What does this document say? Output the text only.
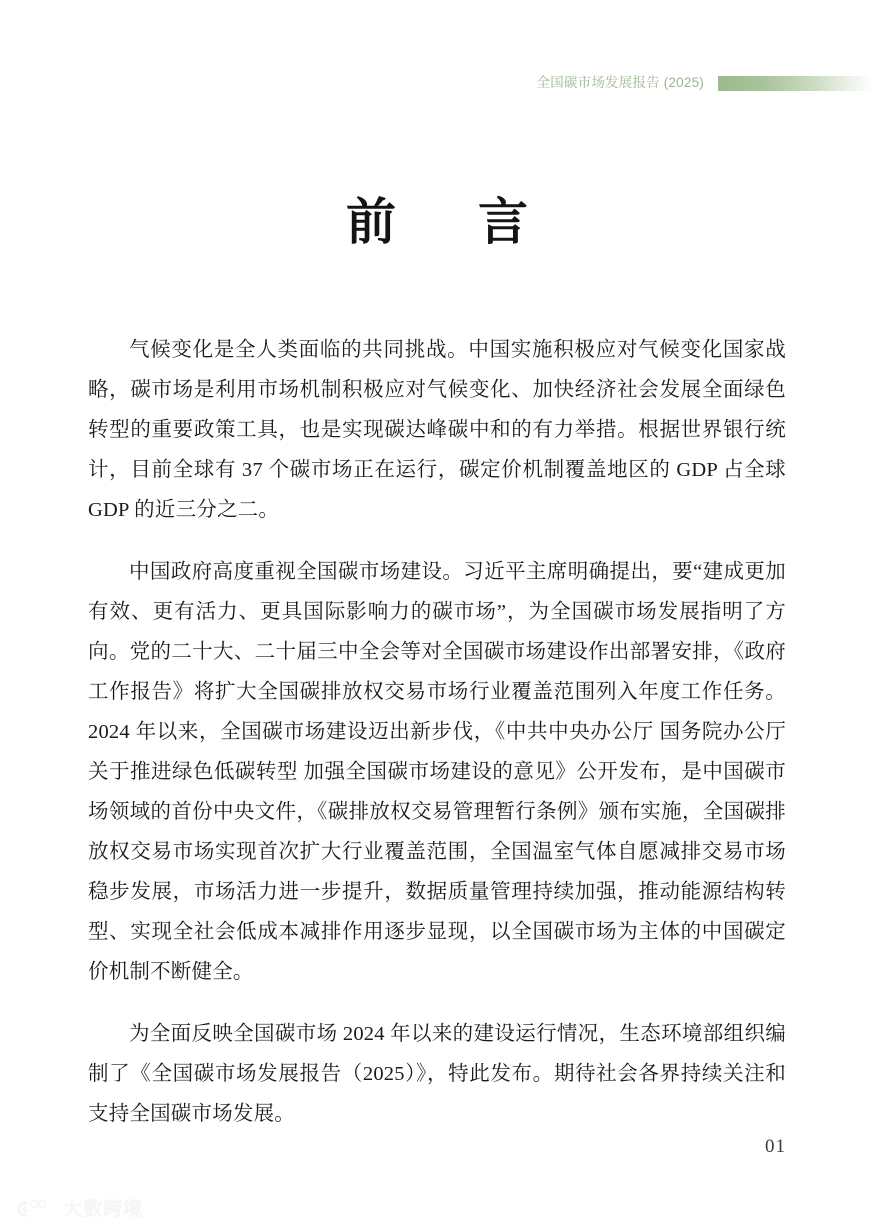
全国碳市场发展报告 (2025)
前　言

气候变化是全人类面临的共同挑战。中国实施积极应对气候变化国家战略，碳市场是利用市场机制积极应对气候变化、加快经济社会发展全面绿色转型的重要政策工具，也是实现碳达峰碳中和的有力举措。根据世界银行统计，目前全球有 37 个碳市场正在运行，碳定价机制覆盖地区的 GDP 占全球 GDP 的近三分之二。

中国政府高度重视全国碳市场建设。习近平主席明确提出，要“建成更加有效、更有活力、更具国际影响力的碳市场”，为全国碳市场发展指明了方向。党的二十大、二十届三中全会等对全国碳市场建设作出部署安排，《政府工作报告》将扩大全国碳排放权交易市场行业覆盖范围列入年度工作任务。2024 年以来，全国碳市场建设迈出新步伐，《中共中央办公厅 国务院办公厅关于推进绿色低碳转型 加强全国碳市场建设的意见》公开发布，是中国碳市场领域的首份中央文件，《碳排放权交易管理暂行条例》颁布实施，全国碳排放权交易市场实现首次扩大行业覆盖范围，全国温室气体自愿减排交易市场稳步发展，市场活力进一步提升，数据质量管理持续加强，推动能源结构转型、实现全社会低成本减排作用逐步显现，以全国碳市场为主体的中国碳定价机制不断健全。

为全面反映全国碳市场 2024 年以来的建设运行情况，生态环境部组织编制了《全国碳市场发展报告（2025）》，特此发布。期待社会各界持续关注和支持全国碳市场发展。

01
大数跨境
